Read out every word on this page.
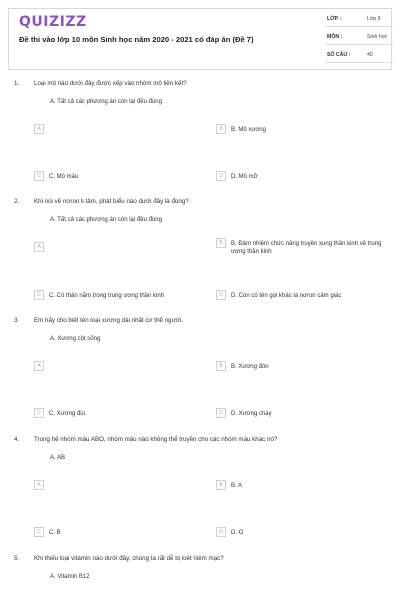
QUIZIZZ
Đề thi vào lớp 10 môn Sinh học năm 2020 - 2021 có đáp án (Đề 7)
LỚP :	Lớp 9
MÔN :	Sinh học
SỐ CÂU :	40
1. Loại mô nào dưới đây được xếp vào nhóm mô liên kết?
A. Tất cả các phương án còn lại đều đúng
A	B	B. Mô xương
C	C. Mô máu	D	D. Mô mỡ
2. Khi nói về nơron li tâm, phát biểu nào dưới đây là đúng?
A. Tất cả các phương án còn lại đều đúng
A
B	B. Đảm nhiệm chức năng truyền xung thần kinh về trung ương thần kinh
C	C. Có thân nằm trong trung ương thần kinh	D	D. Còn có tên gọi khác là nơron cảm giác
3. Em hãy cho biết tên loại xương dài nhất cơ thể người.
A. Xương cột sống
A	B	B. Xương đòn
C	C. Xương đùi	D	D. Xương chày
4. Trong hệ nhóm máu ABO, nhóm máu nào không thể truyền cho các nhóm máu khác nó?
A. AB
A	B	B. A
C	C. B	D	D. O
5. Khi thiếu loại vitamin nào dưới đây, chúng ta rất dễ bị loét niêm mạc?
A. Vitamin B12
